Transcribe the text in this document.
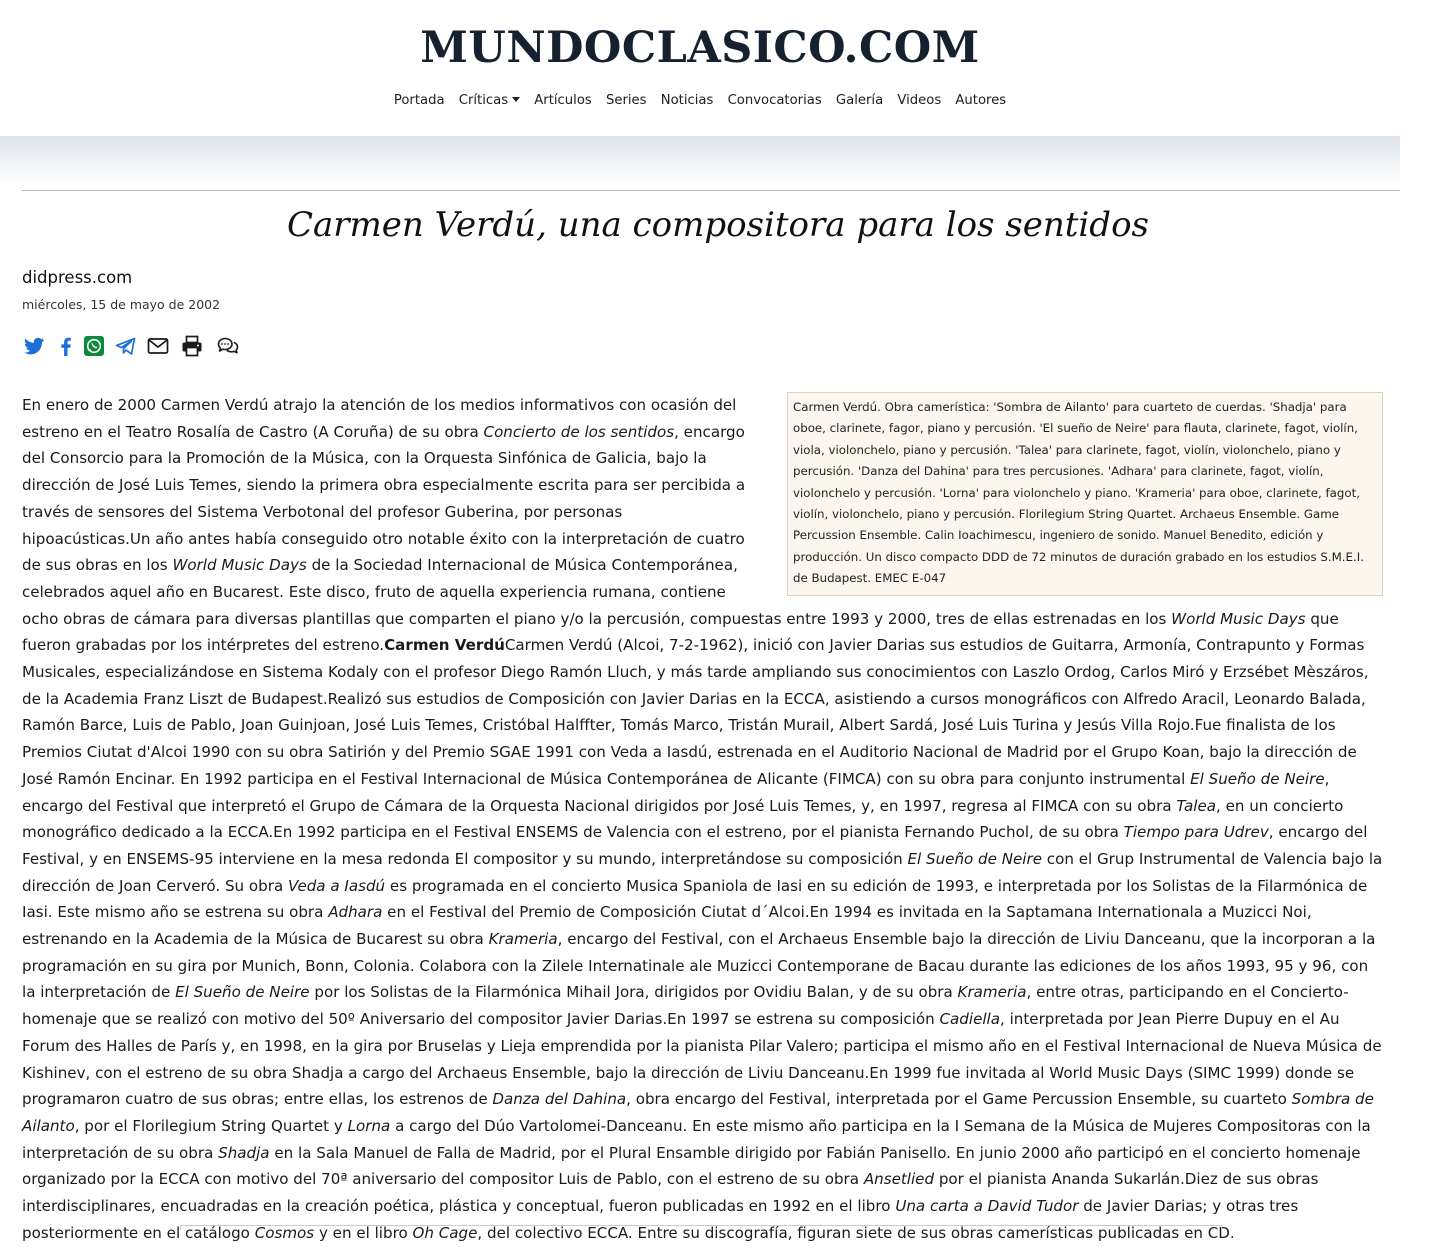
MUNDOCLASICO.COM
Portada Críticas Artículos Series Noticias Convocatorias Galería Videos Autores
Carmen Verdú, una compositora para los sentidos
didpress.com
miércoles, 15 de mayo de 2002
Carmen Verdú. Obra camerística: 'Sombra de Ailanto' para cuarteto de cuerdas. 'Shadja' para oboe, clarinete, fagor, piano y percusión. 'El sueño de Neire' para flauta, clarinete, fagot, violín, viola, violonchelo, piano y percusión. 'Talea' para clarinete, fagot, violín, violonchelo, piano y percusión. 'Danza del Dahina' para tres percusiones. 'Adhara' para clarinete, fagot, violín, violonchelo y percusión. 'Lorna' para violonchelo y piano. 'Krameria' para oboe, clarinete, fagot, violín, violonchelo, piano y percusión. Florilegium String Quartet. Archaeus Ensemble. Game Percussion Ensemble. Calin Ioachimescu, ingeniero de sonido. Manuel Benedito, edición y producción. Un disco compacto DDD de 72 minutos de duración grabado en los estudios S.M.E.I. de Budapest. EMEC E-047

En enero de 2000 Carmen Verdú atrajo la atención de los medios informativos con ocasión del estreno en el Teatro Rosalía de Castro (A Coruña) de su obra Concierto de los sentidos, encargo del Consorcio para la Promoción de la Música, con la Orquesta Sinfónica de Galicia, bajo la dirección de José Luis Temes, siendo la primera obra especialmente escrita para ser percibida a través de sensores del Sistema Verbotonal del profesor Guberina, por personas hipoacústicas.Un año antes había conseguido otro notable éxito con la interpretación de cuatro de sus obras en los World Music Days de la Sociedad Internacional de Música Contemporánea, celebrados aquel año en Bucarest. Este disco, fruto de aquella experiencia rumana, contiene ocho obras de cámara para diversas plantillas que comparten el piano y/o la percusión, compuestas entre 1993 y 2000, tres de ellas estrenadas en los World Music Days que fueron grabadas por los intérpretes del estreno.Carmen VerdúCarmen Verdú (Alcoi, 7-2-1962), inició con Javier Darias sus estudios de Guitarra, Armonía, Contrapunto y Formas Musicales, especializándose en Sistema Kodaly con el profesor Diego Ramón Lluch, y más tarde ampliando sus conocimientos con Laszlo Ordog, Carlos Miró y Erzsébet Mèszáros, de la Academia Franz Liszt de Budapest.Realizó sus estudios de Composición con Javier Darias en la ECCA, asistiendo a cursos monográficos con Alfredo Aracil, Leonardo Balada, Ramón Barce, Luis de Pablo, Joan Guinjoan, José Luis Temes, Cristóbal Halffter, Tomás Marco, Tristán Murail, Albert Sardá, José Luis Turina y Jesús Villa Rojo.Fue finalista de los Premios Ciutat d'Alcoi 1990 con su obra Satirión y del Premio SGAE 1991 con Veda a Iasdú, estrenada en el Auditorio Nacional de Madrid por el Grupo Koan, bajo la dirección de José Ramón Encinar. En 1992 participa en el Festival Internacional de Música Contemporánea de Alicante (FIMCA) con su obra para conjunto instrumental El Sueño de Neire, encargo del Festival que interpretó el Grupo de Cámara de la Orquesta Nacional dirigidos por José Luis Temes, y, en 1997, regresa al FIMCA con su obra Talea, en un concierto monográfico dedicado a la ECCA.En 1992 participa en el Festival ENSEMS de Valencia con el estreno, por el pianista Fernando Puchol, de su obra Tiempo para Udrev, encargo del Festival, y en ENSEMS-95 interviene en la mesa redonda El compositor y su mundo, interpretándose su composición El Sueño de Neire con el Grup Instrumental de Valencia bajo la dirección de Joan Cerveró. Su obra Veda a Iasdú es programada en el concierto Musica Spaniola de Iasi en su edición de 1993, e interpretada por los Solistas de la Filarmónica de Iasi. Este mismo año se estrena su obra Adhara en el Festival del Premio de Composición Ciutat d´Alcoi.En 1994 es invitada en la Saptamana Internationala a Muzicci Noi, estrenando en la Academia de la Música de Bucarest su obra Krameria, encargo del Festival, con el Archaeus Ensemble bajo la dirección de Liviu Danceanu, que la incorporan a la programación en su gira por Munich, Bonn, Colonia. Colabora con la Zilele Internatinale ale Muzicci Contemporane de Bacau durante las ediciones de los años 1993, 95 y 96, con la interpretación de El Sueño de Neire por los Solistas de la Filarmónica Mihail Jora, dirigidos por Ovidiu Balan, y de su obra Krameria, entre otras, participando en el Concierto-homenaje que se realizó con motivo del 50º Aniversario del compositor Javier Darias.En 1997 se estrena su composición Cadiella, interpretada por Jean Pierre Dupuy en el Au Forum des Halles de París y, en 1998, en la gira por Bruselas y Lieja emprendida por la pianista Pilar Valero; participa el mismo año en el Festival Internacional de Nueva Música de Kishinev, con el estreno de su obra Shadja a cargo del Archaeus Ensemble, bajo la dirección de Liviu Danceanu.En 1999 fue invitada al World Music Days (SIMC 1999) donde se programaron cuatro de sus obras; entre ellas, los estrenos de Danza del Dahina, obra encargo del Festival, interpretada por el Game Percussion Ensemble, su cuarteto Sombra de Ailanto, por el Florilegium String Quartet y Lorna a cargo del Dúo Vartolomei-Danceanu. En este mismo año participa en la I Semana de la Música de Mujeres Compositoras con la interpretación de su obra Shadja en la Sala Manuel de Falla de Madrid, por el Plural Ensamble dirigido por Fabián Panisello. En junio 2000 año participó en el concierto homenaje organizado por la ECCA con motivo del 70ª aniversario del compositor Luis de Pablo, con el estreno de su obra Ansetlied por el pianista Ananda Sukarlán.Diez de sus obras interdisciplinares, encuadradas en la creación poética, plástica y conceptual, fueron publicadas en 1992 en el libro Una carta a David Tudor de Javier Darias; y otras tres posteriormente en el catálogo Cosmos y en el libro Oh Cage, del colectivo ECCA. Entre su discografía, figuran siete de sus obras camerísticas publicadas en CD.
